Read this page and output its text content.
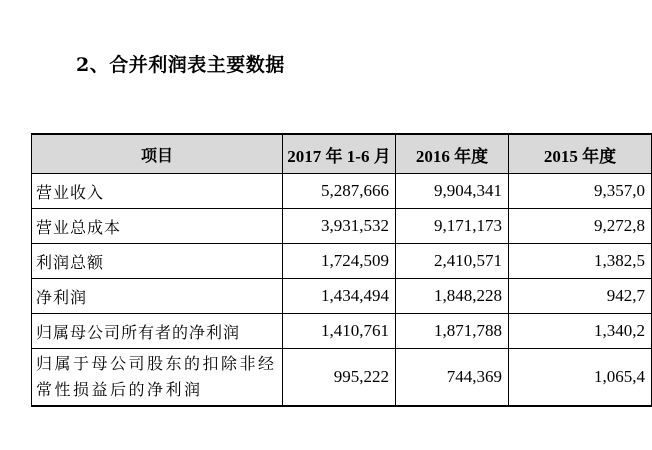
2、合并利润表主要数据
项目	2017 年 1-6 月	2016 年度	2015 年度
营业收入	5,287,666	9,904,341	9,357,0
营业总成本	3,931,532	9,171,173	9,272,8
利润总额	1,724,509	2,410,571	1,382,5
净利润	1,434,494	1,848,228	942,7
归属母公司所有者的净利润	1,410,761	1,871,788	1,340,2
归属于母公司股东的扣除非经常性损益后的净利润	995,222	744,369	1,065,4
